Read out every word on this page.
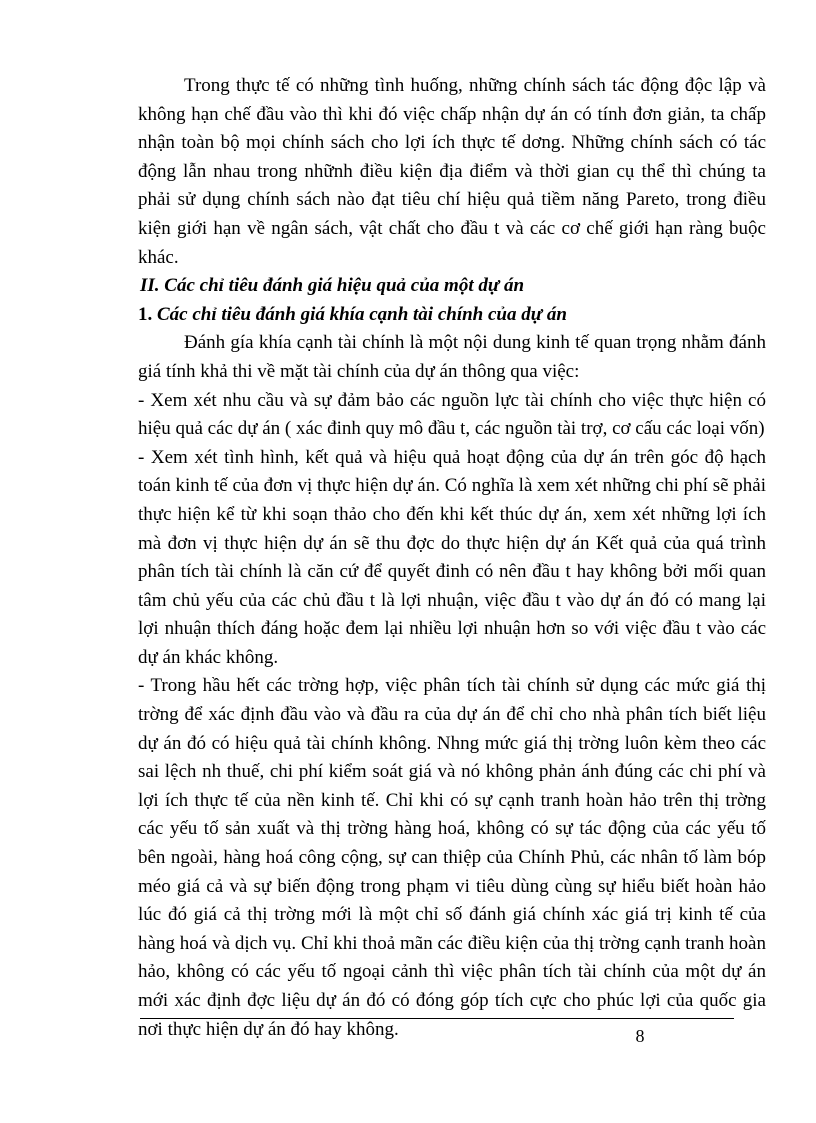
Trong thực tế có những tình huống, những chính sách tác động độc lập và không hạn chế đầu vào thì khi đó việc chấp nhận dự án có tính đơn giản, ta chấp nhận toàn bộ mọi chính sách cho lợi ích thực tế dơng. Những chính sách có tác động lẫn nhau trong nhữnh điều kiện địa điểm và thời gian cụ thể thì chúng ta phải sử dụng chính sách nào đạt tiêu chí hiệu quả tiềm năng Pareto, trong điều kiện giới hạn về ngân sách, vật chất cho đầu t và các cơ chế giới hạn ràng buộc khác.

II. Các chỉ tiêu đánh giá hiệu quả của một dự án

1. Các chỉ tiêu đánh giá khía cạnh tài chính của dự án

Đánh gía khía cạnh tài chính là một nội dung kinh tế quan trọng nhằm đánh giá tính khả thi về mặt tài chính của dự án thông qua việc:

- Xem xét nhu cầu và sự đảm bảo các nguồn lực tài chính cho việc thực hiện có hiệu quả các dự án ( xác đinh quy mô đầu t, các nguồn tài trợ, cơ cấu các loại vốn)

- Xem xét tình hình, kết quả và hiệu quả hoạt động của dự án trên góc độ hạch toán kinh tế của đơn vị thực hiện dự án. Có nghĩa là xem xét những chi phí sẽ phải thực hiện kể từ khi soạn thảo cho đến khi kết thúc dự án, xem xét những lợi ích mà đơn vị thực hiện dự án sẽ thu đợc do thực hiện dự án Kết quả của quá trình phân tích tài chính là căn cứ để quyết đinh có nên đầu t hay không bởi mối quan tâm chủ yếu của các chủ đầu t là lợi nhuận, việc đầu t vào dự án đó có mang lại lợi nhuận thích đáng hoặc đem lại nhiều lợi nhuận hơn so với việc đầu t vào các dự án khác không.

- Trong hầu hết các trờng hợp, việc phân tích tài chính sử dụng các mức giá thị trờng để xác định đầu vào và đầu ra của dự án để chỉ cho nhà phân tích biết liệu dự án đó có hiệu quả tài chính không. Nhng mức giá thị trờng luôn kèm theo các sai lệch nh thuế, chi phí kiểm soát giá và nó không phản ánh đúng các chi phí và lợi ích thực tế của nền kinh tế. Chỉ khi có sự cạnh tranh hoàn hảo trên thị trờng các yếu tố sản xuất và thị trờng hàng hoá, không có sự tác động của các yếu tố bên ngoài, hàng hoá công cộng, sự can thiệp của Chính Phủ, các nhân tố làm bóp méo giá cả và sự biến động trong phạm vi tiêu dùng cùng sự hiểu biết hoàn hảo lúc đó giá cả thị trờng mới là một chỉ số đánh giá chính xác giá trị kinh tế của hàng hoá và dịch vụ. Chỉ khi thoả mãn các điều kiện của thị trờng cạnh tranh hoàn hảo, không có các yếu tố ngoại cảnh thì việc phân tích tài chính của một dự án mới xác định đợc liệu dự án đó có đóng góp tích cực cho phúc lợi của quốc gia nơi thực hiện dự án đó hay không.	8
